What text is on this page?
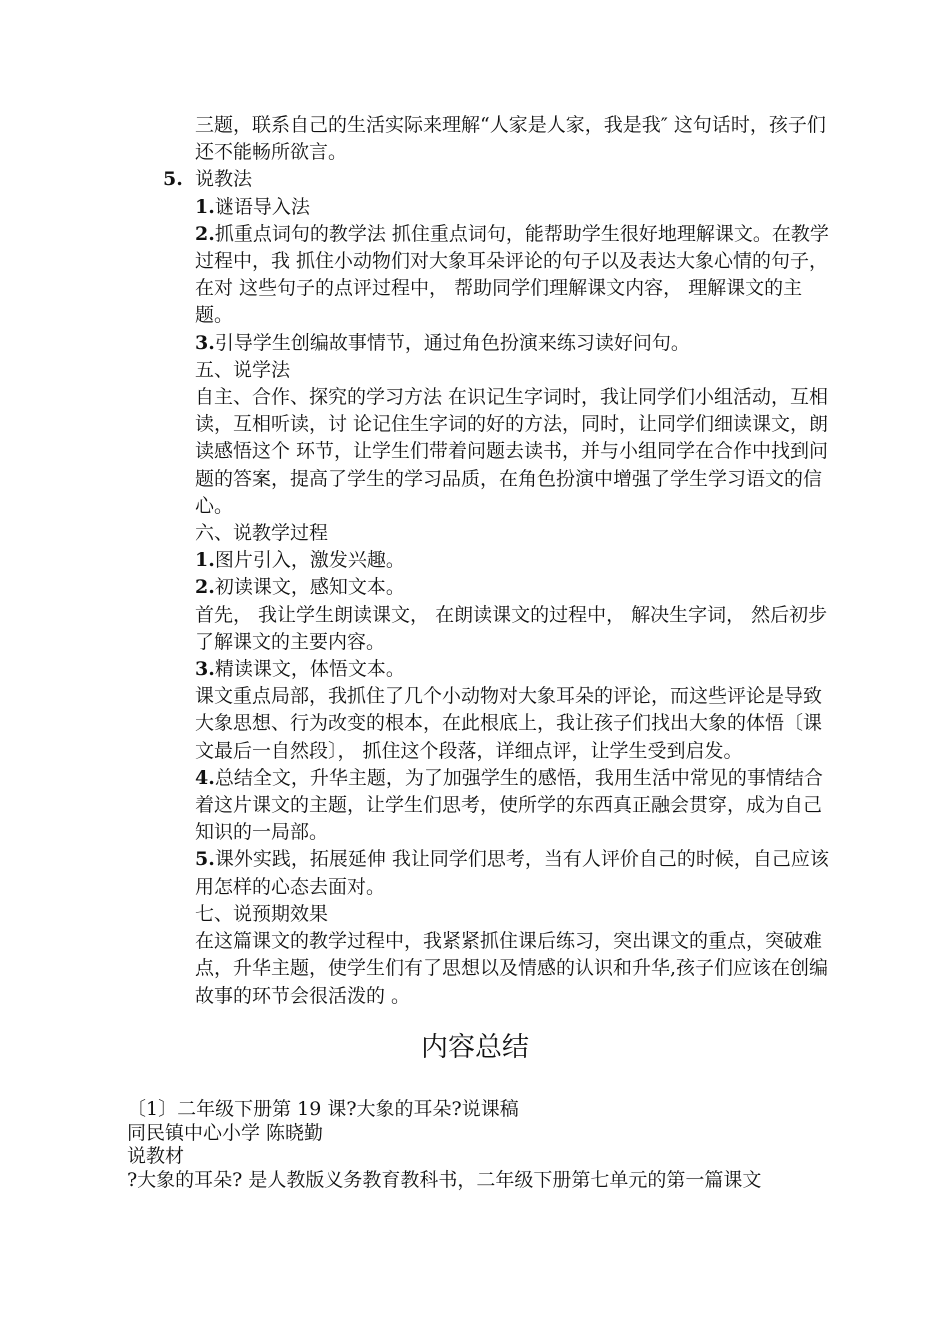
三题，联系自己的生活实际来理解“人家是人家，我是我″ 这句话时，孩子们还不能畅所欲言。

5. 说教法

1.谜语导入法

2.抓重点词句的教学法 抓住重点词句，能帮助学生很好地理解课文。在教学过程中，我 抓住小动物们对大象耳朵评论的句子以及表达大象心情的句子， 在对 这些句子的点评过程中， 帮助同学们理解课文内容， 理解课文的主题。

3.引导学生创编故事情节，通过角色扮演来练习读好问句。

五、说学法

自主、合作、探究的学习方法 在识记生字词时，我让同学们小组活动，互相读，互相听读，讨 论记住生字词的好的方法，同时，让同学们细读课文，朗读感悟这个 环节，让学生们带着问题去读书，并与小组同学在合作中找到问题的答案，提高了学生的学习品质，在角色扮演中增强了学生学习语文的信心。

六、说教学过程

1.图片引入，激发兴趣。

2.初读课文，感知文本。

首先， 我让学生朗读课文， 在朗读课文的过程中， 解决生字词， 然后初步了解课文的主要内容。

3.精读课文，体悟文本。

课文重点局部，我抓住了几个小动物对大象耳朵的评论，而这些评论是导致大象思想、行为改变的根本，在此根底上，我让孩子们找出大象的体悟〔课文最后一自然段〕， 抓住这个段落，详细点评，让学生受到启发。

4.总结全文，升华主题，为了加强学生的感悟，我用生活中常见的事情结合着这片课文的主题，让学生们思考，使所学的东西真正融会贯穿，成为自己知识的一局部。

5.课外实践，拓展延伸 我让同学们思考，当有人评价自己的时候，自己应该用怎样的心态去面对。

七、说预期效果

在这篇课文的教学过程中，我紧紧抓住课后练习，突出课文的重点，突破难点，升华主题，使学生们有了思想以及情感的认识和升华,孩子们应该在创编故事的环节会很活泼的 。

内容总结

〔1〕二年级下册第 19 课?大象的耳朵?说课稿

同民镇中心小学 陈晓勤

说教材

?大象的耳朵? 是人教版义务教育教科书，二年级下册第七单元的第一篇课文
